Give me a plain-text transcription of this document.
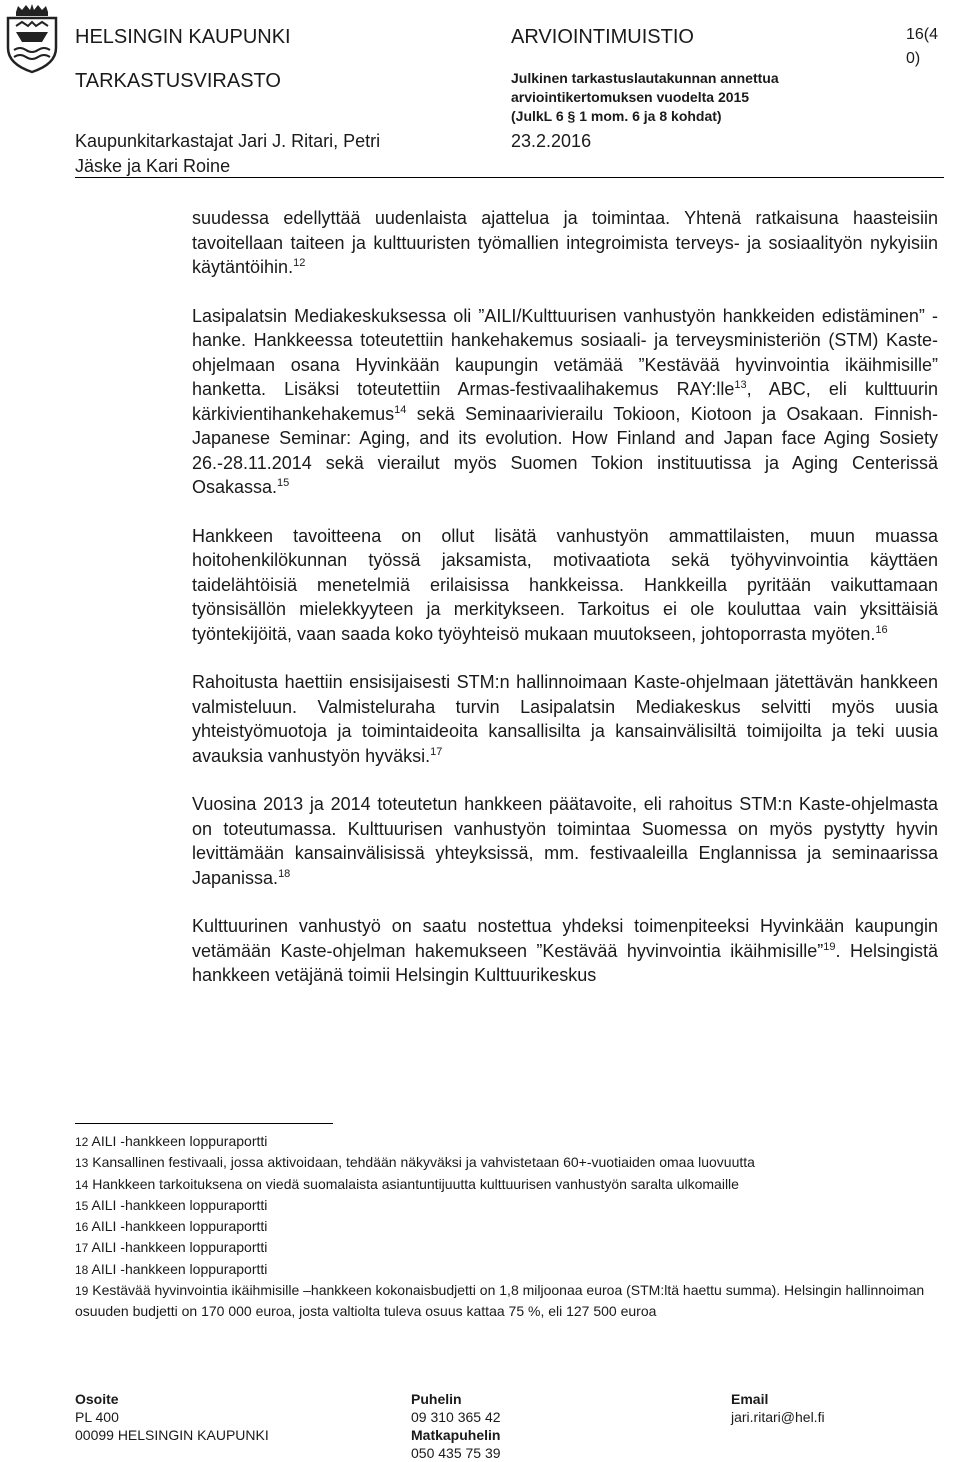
HELSINGIN KAUPUNKI
TARKASTUSVIRASTO
Kaupunkitarkastajat Jari J. Ritari, Petri
Jäske ja Kari Roine
ARVIOINTIMUISTIO
Julkinen tarkastuslautakunnan annettua
arviointikertomuksen vuodelta 2015
(JulkL 6 § 1 mom. 6 ja 8 kohdat)
23.2.2016
16(4
0)

suudessa edellyttää uudenlaista ajattelua ja toimintaa. Yhtenä ratkaisuna haasteisiin tavoitellaan taiteen ja kulttuuristen työmallien integroimista terveys- ja sosiaalityön nykyisiin käytäntöihin.$^{12}$

Lasipalatsin Mediakeskuksessa oli ”AILI/Kulttuurisen vanhustyön hankkeiden edistäminen” -hanke. Hankkeessa toteutettiin hankehakemus sosiaali- ja terveysministeriön (STM) Kaste-ohjelmaan osana Hyvinkään kaupungin vetämää ”Kestävää hyvinvointia ikäihmisille” hanketta. Lisäksi toteutettiin Armas-festivaalihakemus RAY:lle$^{13}$, ABC, eli kulttuurin kärkivientihankehakemus$^{14}$ sekä Seminaarivierailu Tokioon, Kiotoon ja Osakaan. Finnish-Japanese Seminar: Aging, and its evolution. How Finland and Japan face Aging Sosiety 26.-28.11.2014 sekä vierailut myös Suomen Tokion instituutissa ja Aging Centerissä Osakassa.$^{15}$

Hankkeen tavoitteena on ollut lisätä vanhustyön ammattilaisten, muun muassa hoitohenkilökunnan työssä jaksamista, motivaatiota sekä työhyvinvointia käyttäen taidelähtöisiä menetelmiä erilaisissa hankkeissa. Hankkeilla pyritään vaikuttamaan työnsisällön mielekkyyteen ja merkitykseen. Tarkoitus ei ole kouluttaa vain yksittäisiä työntekijöitä, vaan saada koko työyhteisö mukaan muutokseen, johtoporrasta myöten.$^{16}$

Rahoitusta haettiin ensisijaisesti STM:n hallinnoimaan Kaste-ohjelmaan jätettävän hankkeen valmisteluun. Valmisteluraha turvin Lasipalatsin Mediakeskus selvitti myös uusia yhteistyömuotoja ja toimintaideoita kansallisilta ja kansainvälisiltä toimijoilta ja teki uusia avauksia vanhustyön hyväksi.$^{17}$

Vuosina 2013 ja 2014 toteutetun hankkeen päätavoite, eli rahoitus STM:n Kaste-ohjelmasta on toteutumassa. Kulttuurisen vanhustyön toimintaa Suomessa on myös pystytty hyvin levittämään kansainvälisissä yhteyksissä, mm. festivaaleilla Englannissa ja seminaarissa Japanissa.$^{18}$

Kulttuurinen vanhustyö on saatu nostettua yhdeksi toimenpiteeksi Hyvinkään kaupungin vetämään Kaste-ohjelman hakemukseen ”Kestävää hyvinvointia ikäihmisille”$^{19}$. Helsingistä hankkeen vetäjänä toimii Helsingin Kulttuurikeskus

12 AILI -hankkeen loppuraportti

13 Kansallinen festivaali, jossa aktivoidaan, tehdään näkyväksi ja vahvistetaan 60+-vuotiaiden omaa luovuutta

14 Hankkeen tarkoituksena on viedä suomalaista asiantuntijuutta kulttuurisen vanhustyön saralta ulkomaille

15 AILI -hankkeen loppuraportti

16 AILI -hankkeen loppuraportti

17 AILI -hankkeen loppuraportti

18 AILI -hankkeen loppuraportti

19 Kestävää hyvinvointia ikäihmisille –hankkeen kokonaisbudjetti on 1,8 miljoonaa euroa (STM:ltä haettu summa). Helsingin hallinnoiman osuuden budjetti on 170 000 euroa, josta valtiolta tuleva osuus kattaa 75 %, eli 127 500 euroa

Osoite
PL 400
00099 HELSINGIN KAUPUNKI
Puhelin
09 310 365 42
Matkapuhelin
050 435 75 39
Email
jari.ritari@hel.fi
